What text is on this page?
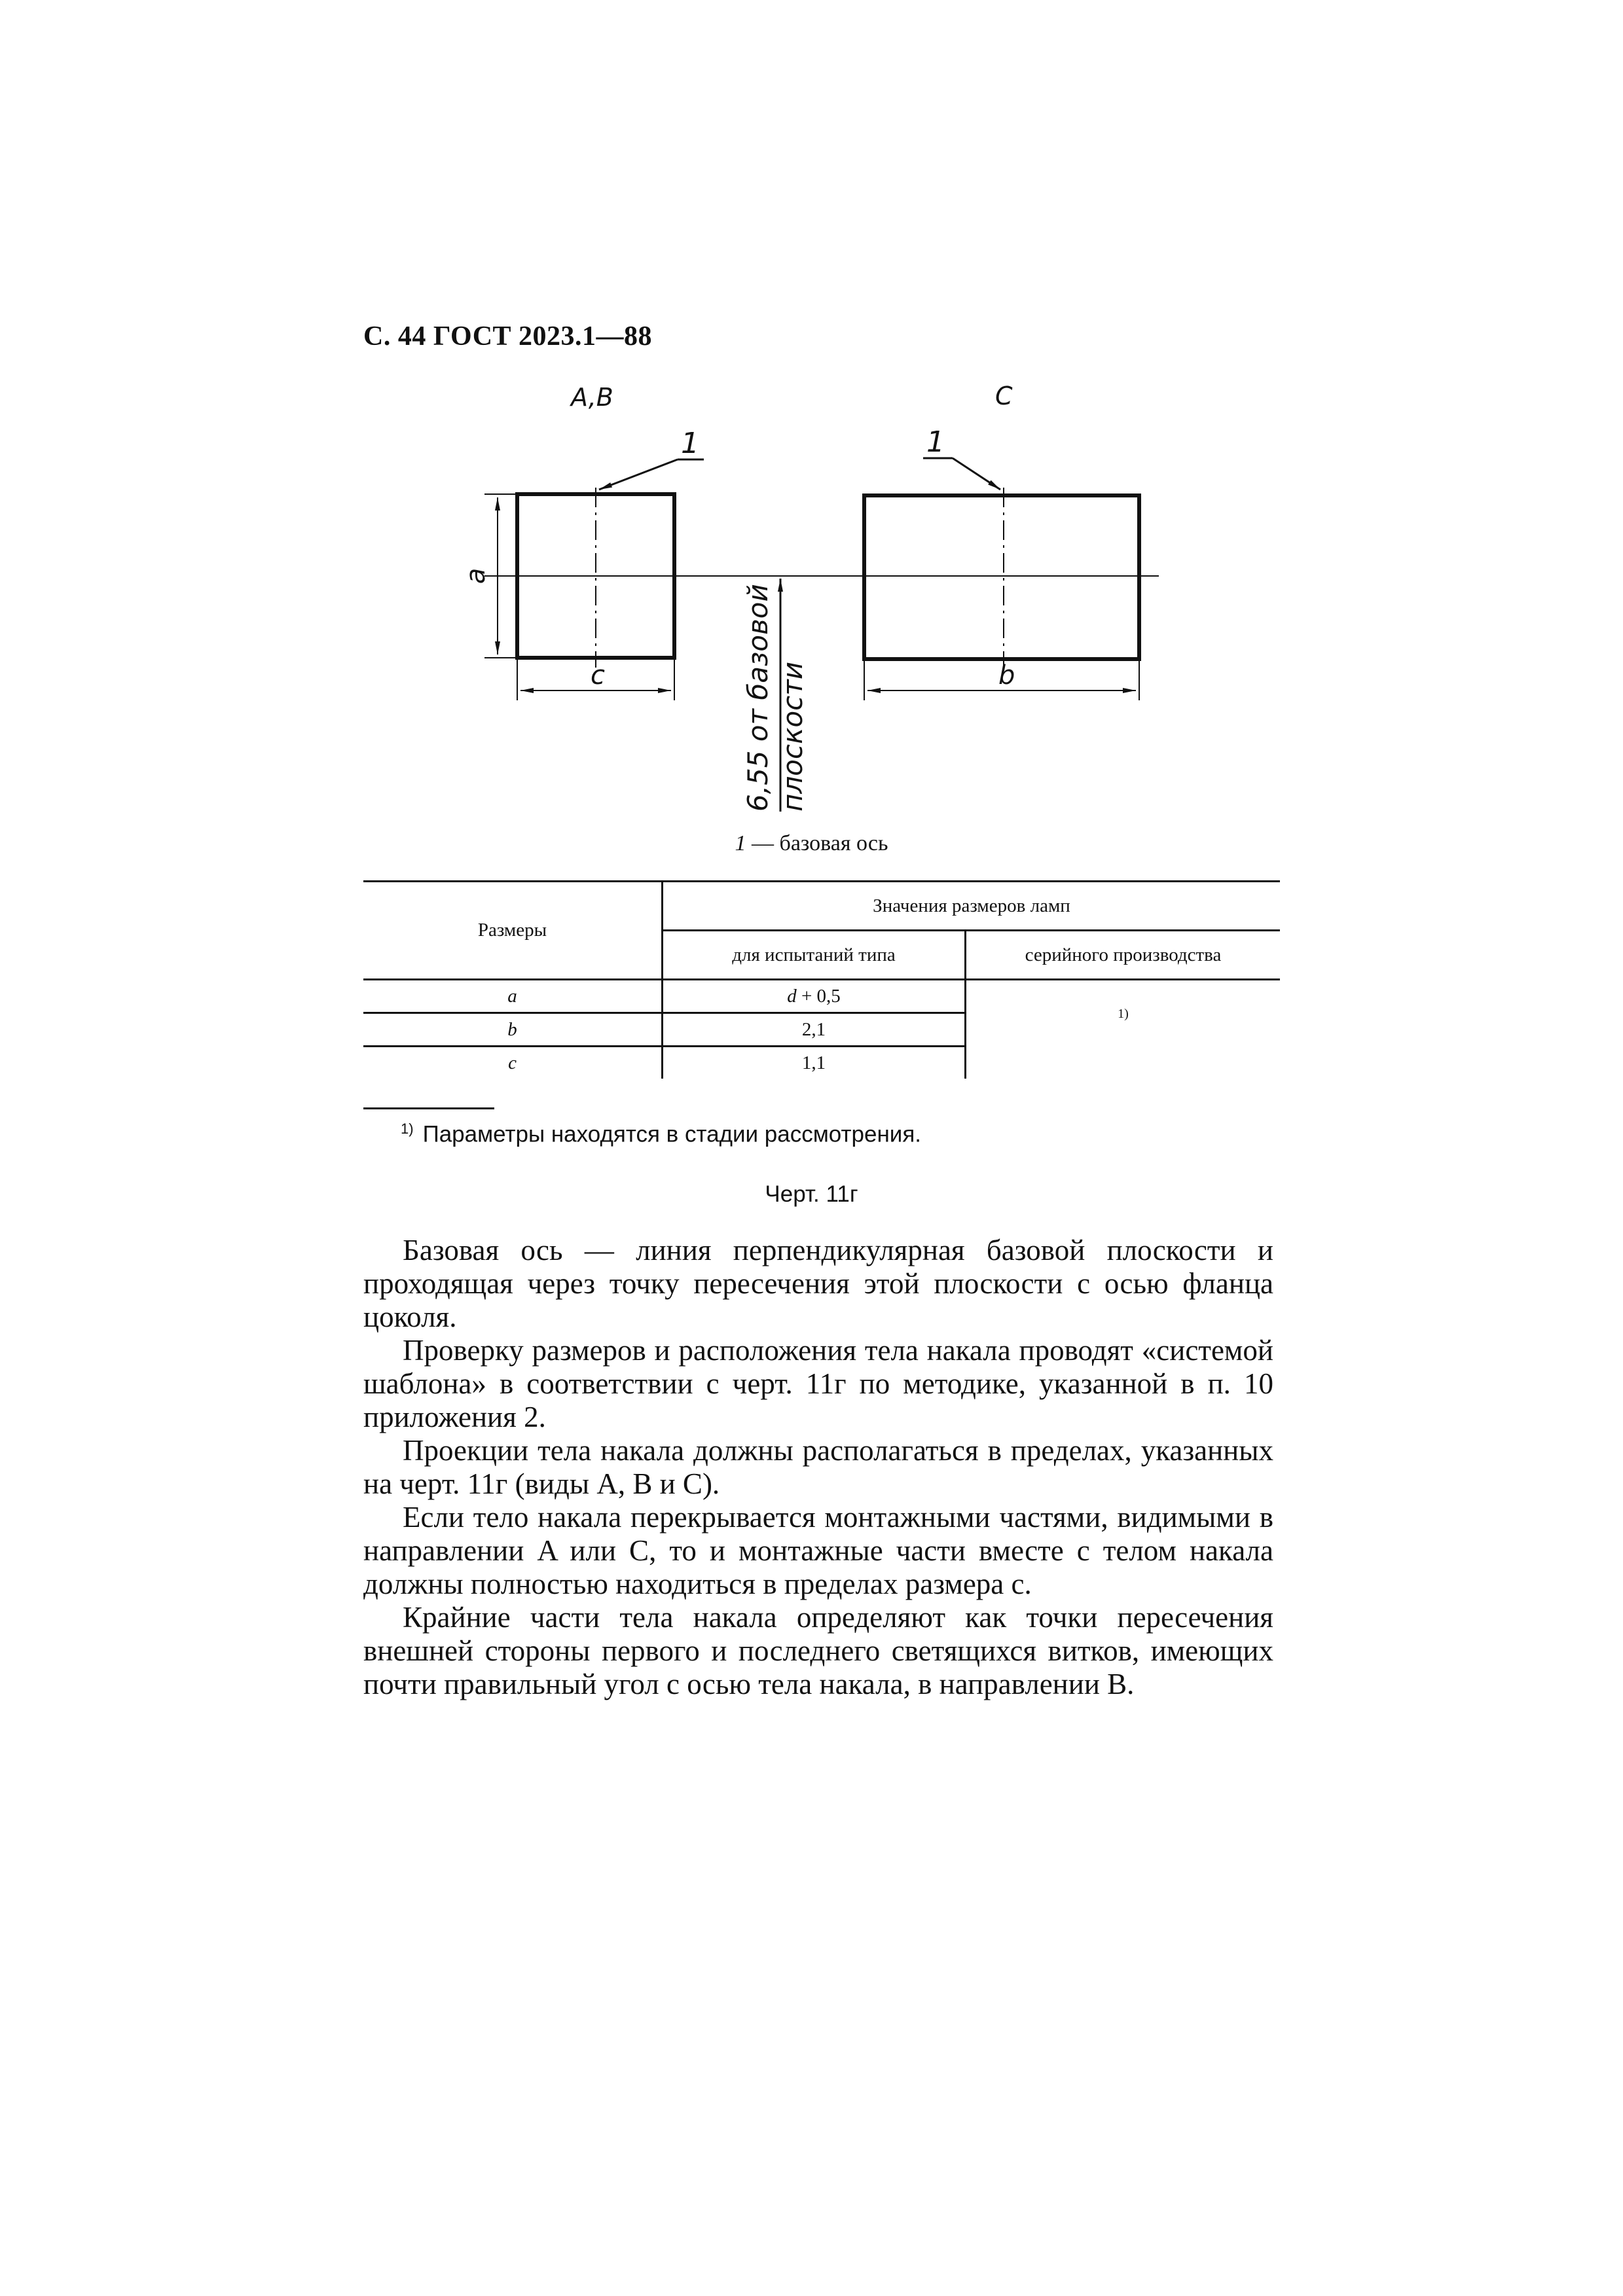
С. 44 ГОСТ 2023.1—88
A,B	C
1	1
a
c	b
6,55 от базовой плоскости
1 — базовая ось
Размеры	Значения размеров ламп	
	для испытаний типа	серийного производства
a	d + 0,5	$^{1)}$
b	2,1	
c	1,1	
$^{1)}$ Параметры находятся в стадии рассмотрения.
Черт. 11г

Базовая ось — линия перпендикулярная базовой плоскости и проходящая через точку пересечения этой плоскости с осью фланца цоколя.

Проверку размеров и расположения тела накала проводят «системой шаблона» в соответствии с черт. 11г по методике, указанной в п. 10 приложения 2.

Проекции тела накала должны располагаться в пределах, указанных на черт. 11г (виды A, B и C).

Если тело накала перекрывается монтажными частями, видимыми в направлении A или C, то и монтажные части вместе с телом накала должны полностью находиться в пределах размера c.

Крайние части тела накала определяют как точки пересечения внешней стороны первого и последнего светящихся витков, имеющих почти правильный угол с осью тела накала, в направлении B.
